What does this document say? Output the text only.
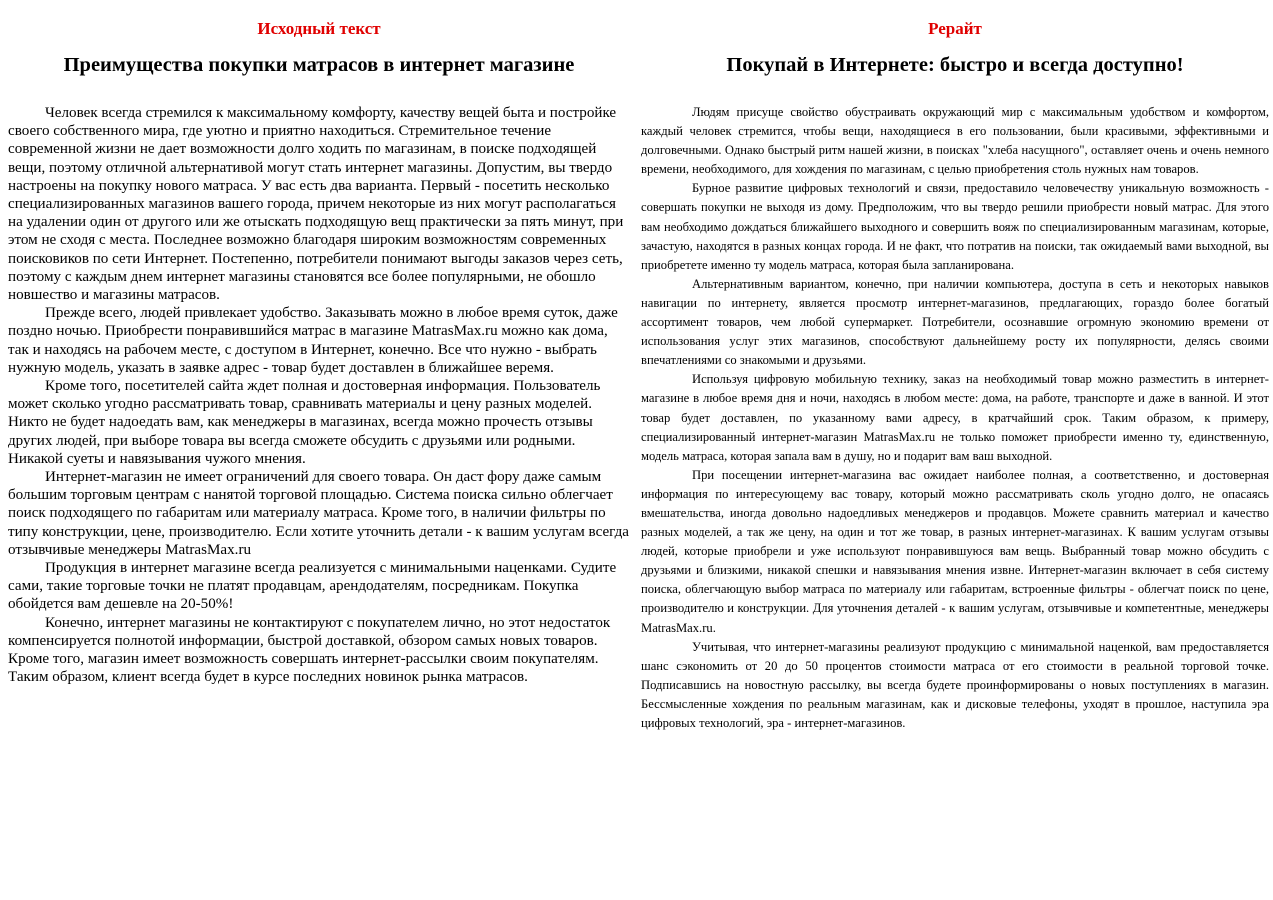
Исходный текст
Преимущества покупки матрасов в интернет магазине

Человек всегда стремился к максимальному комфорту, качеству вещей быта и постройке своего собственного мира, где уютно и приятно находиться. Стремительное течение современной жизни не дает возможности долго ходить по магазинам, в поиске подходящей вещи, поэтому отличной альтернативой могут стать интернет магазины. Допустим, вы твердо настроены на покупку нового матраса. У вас есть два варианта. Первый - посетить несколько специализированных магазинов вашего города, причем некоторые из них могут располагаться на удалении один от другого или же отыскать подходящую вещ практически за пять минут, при этом не сходя с места. Последнее возможно благодаря широким возможностям современных поисковиков по сети Интернет. Постепенно, потребители понимают выгоды заказов через сеть, поэтому с каждым днем интернет магазины становятся все более популярными, не обошло новшество и магазины матрасов.

Прежде всего, людей привлекает удобство. Заказывать можно в любое время суток, даже поздно ночью. Приобрести понравившийся матрас в магазине MatrasMax.ru можно как дома, так и находясь на рабочем месте, с доступом в Интернет, конечно. Все что нужно - выбрать нужную модель, указать в заявке адрес - товар будет доставлен в ближайшее веремя.

Кроме того, посетителей сайта ждет полная и достоверная информация. Пользователь может сколько угодно рассматривать товар, сравнивать материалы и цену разных моделей. Никто не будет надоедать вам, как менеджеры в магазинах, всегда можно прочесть отзывы других людей, при выборе товара вы всегда сможете обсудить с друзьями или родными. Никакой суеты и навязывания чужого мнения.

Интернет-магазин не имеет ограничений для своего товара. Он даст фору даже самым большим торговым центрам с нанятой торговой площадью. Система поиска сильно облегчает поиск подходящего по габаритам или материалу матраса. Кроме того, в наличии фильтры по типу конструкции, цене, производителю. Если хотите уточнить детали - к вашим услугам всегда отзывчивые менеджеры MatrasMax.ru

Продукция в интернет магазине всегда реализуется с минимальными наценками. Судите сами, такие торговые точки не платят продавцам, арендодателям, посредникам. Покупка обойдется вам дешевле на 20-50%!

Конечно, интернет магазины не контактируют с покупателем лично, но этот недостаток компенсируется полнотой информации, быстрой доставкой, обзором самых новых товаров. Кроме того, магазин имеет возможность совершать интернет-рассылки своим покупателям. Таким образом, клиент всегда будет в курсе последних новинок рынка матрасов.

Рерайт
Покупай в Интернете: быстро и всегда доступно!

Людям присуще свойство обустраивать окружающий мир с максимальным удобством и комфортом, каждый человек стремится, чтобы вещи, находящиеся в его пользовании, были красивыми, эффективными и долговечными. Однако быстрый ритм нашей жизни, в поисках "хлеба насущного", оставляет очень и очень немного времени, необходимого, для хождения по магазинам, с целью приобретения столь нужных нам товаров.

Бурное развитие цифровых технологий и связи, предоставило человечеству уникальную возможность - совершать покупки не выходя из дому. Предположим, что вы твердо решили приобрести новый матрас. Для этого вам необходимо дождаться ближайшего выходного и совершить вояж по специализированным магазинам, которые, зачастую, находятся в разных концах города. И не факт, что потратив на поиски, так ожидаемый вами выходной, вы приобретете именно ту модель матраса, которая была запланирована.

Альтернативным вариантом, конечно, при наличии компьютера, доступа в сеть и некоторых навыков навигации по интернету, является просмотр интернет-магазинов, предлагающих, гораздо более богатый ассортимент товаров, чем любой супермаркет. Потребители, осознавшие огромную экономию времени от использования услуг этих магазинов, способствуют дальнейшему росту их популярности, делясь своими впечатлениями со знакомыми и друзьями.

Используя цифровую мобильную технику, заказ на необходимый товар можно разместить в интернет-магазине в любое время дня и ночи, находясь в любом месте: дома, на работе, транспорте и даже в ванной. И этот товар будет доставлен, по указанному вами адресу, в кратчайший срок. Таким образом, к примеру, специализированный интернет-магазин MatrasMax.ru не только поможет приобрести именно ту, единственную, модель матраса, которая запала вам в душу, но и подарит вам ваш выходной.

При посещении интернет-магазина вас ожидает наиболее полная, а соответственно, и достоверная информация по интересующему вас товару, который можно рассматривать сколь угодно долго, не опасаясь вмешательства, иногда довольно надоедливых менеджеров и продавцов. Можете сравнить материал и качество разных моделей, а так же цену, на один и тот же товар, в разных интернет-магазинах. К вашим услугам отзывы людей, которые приобрели и уже используют понравившуюся вам вещь. Выбранный товар можно обсудить с друзьями и близкими, никакой спешки и навязывания мнения извне. Интернет-магазин включает в себя систему поиска, облегчающую выбор матраса по материалу или габаритам, встроенные фильтры - облегчат поиск по цене, производителю и конструкции. Для уточнения деталей - к вашим услугам, отзывчивые и компетентные, менеджеры MatrasMax.ru.

Учитывая, что интернет-магазины реализуют продукцию с минимальной наценкой, вам предоставляется шанс сэкономить от 20 до 50 процентов стоимости матраса от его стоимости в реальной торговой точке. Подписавшись на новостную рассылку, вы всегда будете проинформированы о новых поступлениях в магазин. Бессмысленные хождения по реальным магазинам, как и дисковые телефоны, уходят в прошлое, наступила эра цифровых технологий, эра - интернет-магазинов.
